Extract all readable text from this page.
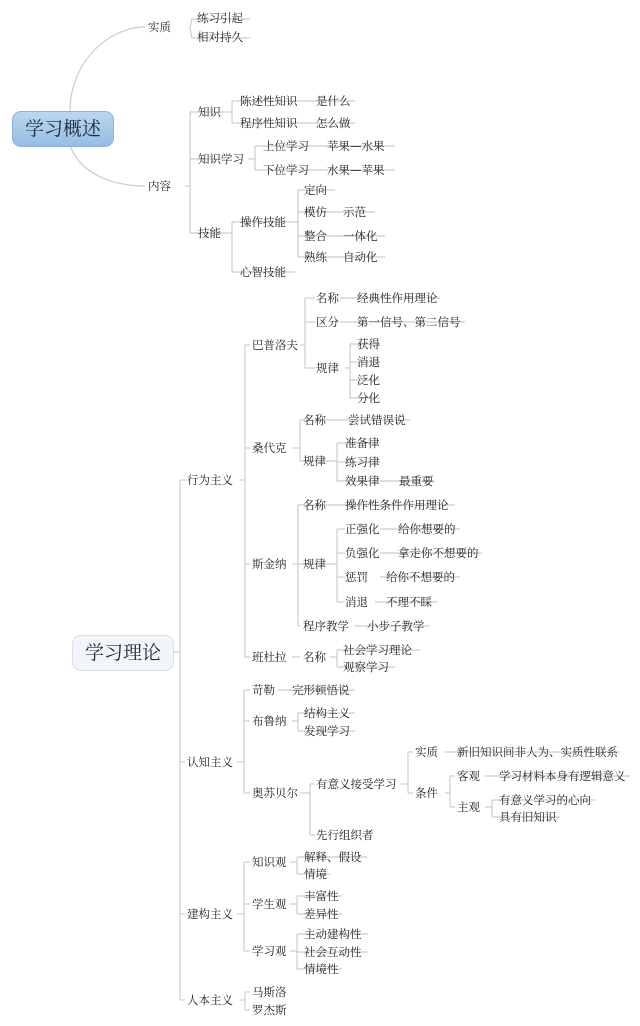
学习概述
学习理论
实质
练习引起
相对持久
内容
知识
陈述性知识 是什么
程序性知识 怎么做
知识学习
上位学习 苹果—水果
下位学习 水果—苹果
技能
操作技能
定向
模仿 示范
整合 一体化
熟练 自动化
心智技能
行为主义
巴普洛夫
名称 经典性作用理论
区分 第一信号、第二信号
规律
获得
消退
泛化
分化
桑代克
名称 尝试错误说
规律
准备律
练习律
效果律 最重要
斯金纳
名称 操作性条件作用理论
规律
正强化 给你想要的
负强化 拿走你不想要的
惩罚 给你不想要的
消退 不理不睬
程序教学 小步子教学
班杜拉 名称 社会学习理论
观察学习
认知主义
苛勒 完形顿悟说
布鲁纳
结构主义
发现学习
奥苏贝尔
有意义接受学习
实质 新旧知识间非人为、实质性联系
条件
客观 学习材料本身有逻辑意义
主观 有意义学习的心向
具有旧知识
先行组织者
建构主义
知识观 解释、假设
情境
学生观
丰富性
差异性
学习观
主动建构性
社会互动性
情境性
人本主义
马斯洛
罗杰斯
